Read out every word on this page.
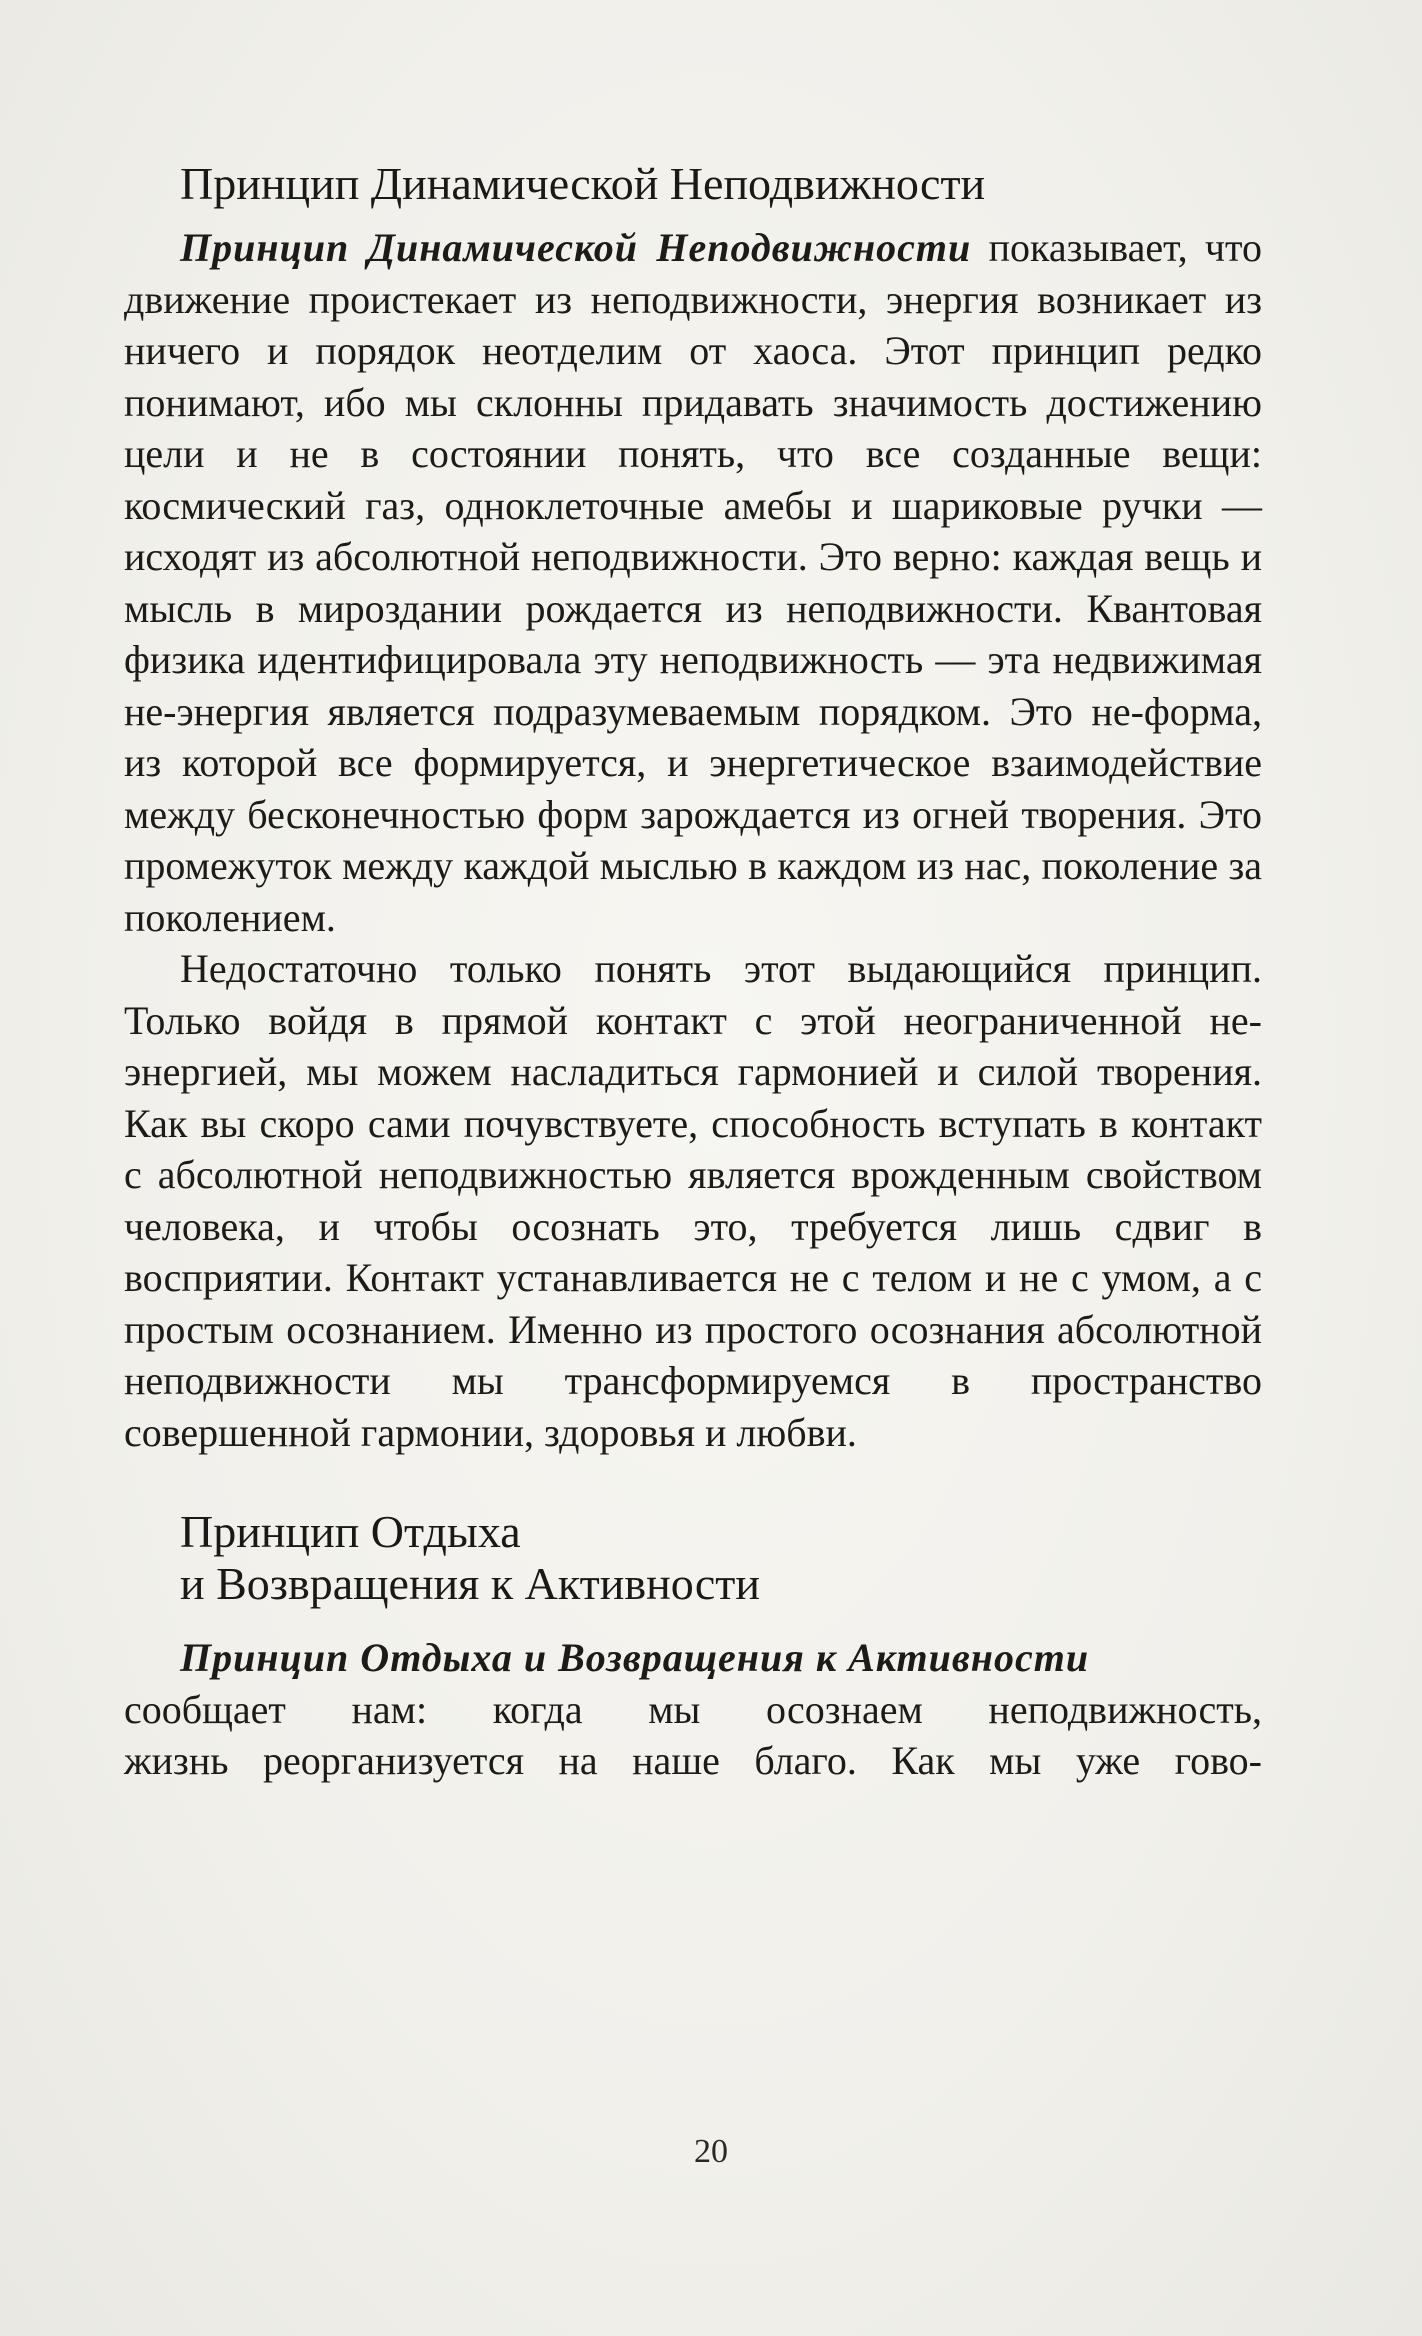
Принцип Динамической Неподвижности

Принцип Динамической Неподвижности показывает, что движение проистекает из неподвижности, энергия возникает из ничего и порядок неотделим от хаоса. Этот принцип редко понимают, ибо мы склонны придавать значимость достижению цели и не в состоянии понять, что все созданные вещи: космический газ, одноклеточные амебы и шариковые ручки — исходят из абсолютной неподвижности. Это верно: каждая вещь и мысль в мироздании рождается из неподвижности. Квантовая физика идентифицировала эту неподвижность — эта недвижимая не-энергия является подразумеваемым порядком. Это не-форма, из которой все формируется, и энергетическое взаимодействие между бесконечностью форм зарождается из огней творения. Это промежуток между каждой мыслью в каждом из нас, поколение за поколением.

Недостаточно только понять этот выдающийся принцип. Только войдя в прямой контакт с этой неограниченной не-энергией, мы можем насладиться гармонией и силой творения. Как вы скоро сами почувствуете, способность вступать в контакт с абсолютной неподвижностью является врожденным свойством человека, и чтобы осознать это, требуется лишь сдвиг в восприятии. Контакт устанавливается не с телом и не с умом, а с простым осознанием. Именно из простого осознания абсолютной неподвижности мы трансформируемся в пространство совершенной гармонии, здоровья и любви.

Принцип Отдыха
и Возвращения к Активности

Принцип Отдыха и Возвращения к Активности
сообщает нам: когда мы осознаем неподвижность,
жизнь реорганизуется на наше благо. Как мы уже гово-

20
